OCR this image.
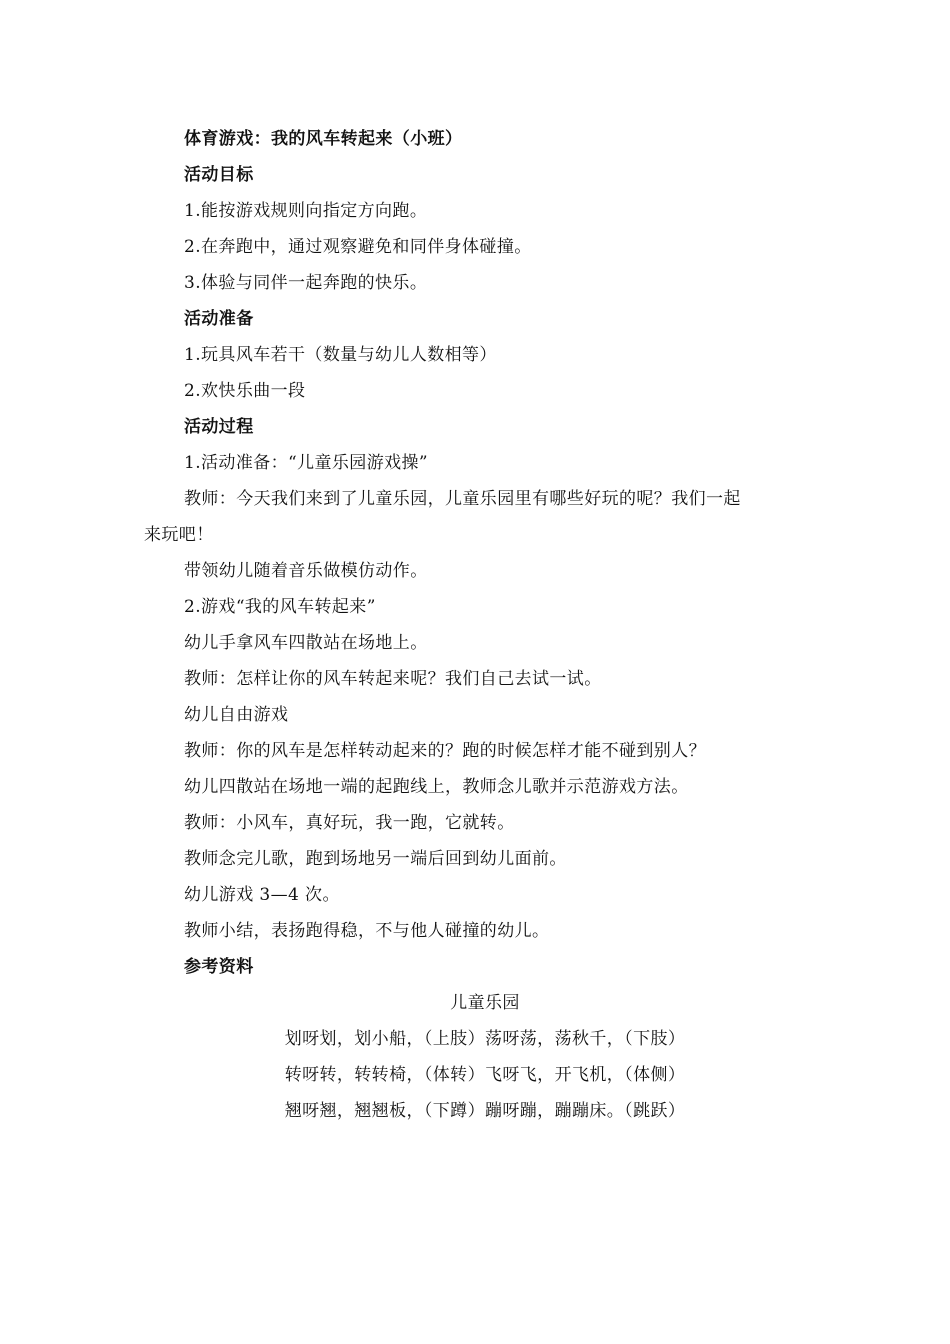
体育游戏：我的风车转起来（小班）
活动目标
1.能按游戏规则向指定方向跑。
2.在奔跑中，通过观察避免和同伴身体碰撞。
3.体验与同伴一起奔跑的快乐。
活动准备
1.玩具风车若干（数量与幼儿人数相等）
2.欢快乐曲一段
活动过程
1.活动准备：“儿童乐园游戏操”
教师：今天我们来到了儿童乐园，儿童乐园里有哪些好玩的呢？我们一起
来玩吧！
带领幼儿随着音乐做模仿动作。
2.游戏“我的风车转起来”
幼儿手拿风车四散站在场地上。
教师：怎样让你的风车转起来呢？我们自己去试一试。
幼儿自由游戏
教师：你的风车是怎样转动起来的？跑的时候怎样才能不碰到别人？
幼儿四散站在场地一端的起跑线上，教师念儿歌并示范游戏方法。
教师：小风车，真好玩，我一跑，它就转。
教师念完儿歌，跑到场地另一端后回到幼儿面前。
幼儿游戏 3—4 次。
教师小结，表扬跑得稳，不与他人碰撞的幼儿。
参考资料
儿童乐园
划呀划，划小船，（上肢）荡呀荡，荡秋千，（下肢）
转呀转，转转椅，（体转）飞呀飞，开飞机，（体侧）
翘呀翘，翘翘板，（下蹲）蹦呀蹦，蹦蹦床。（跳跃）
